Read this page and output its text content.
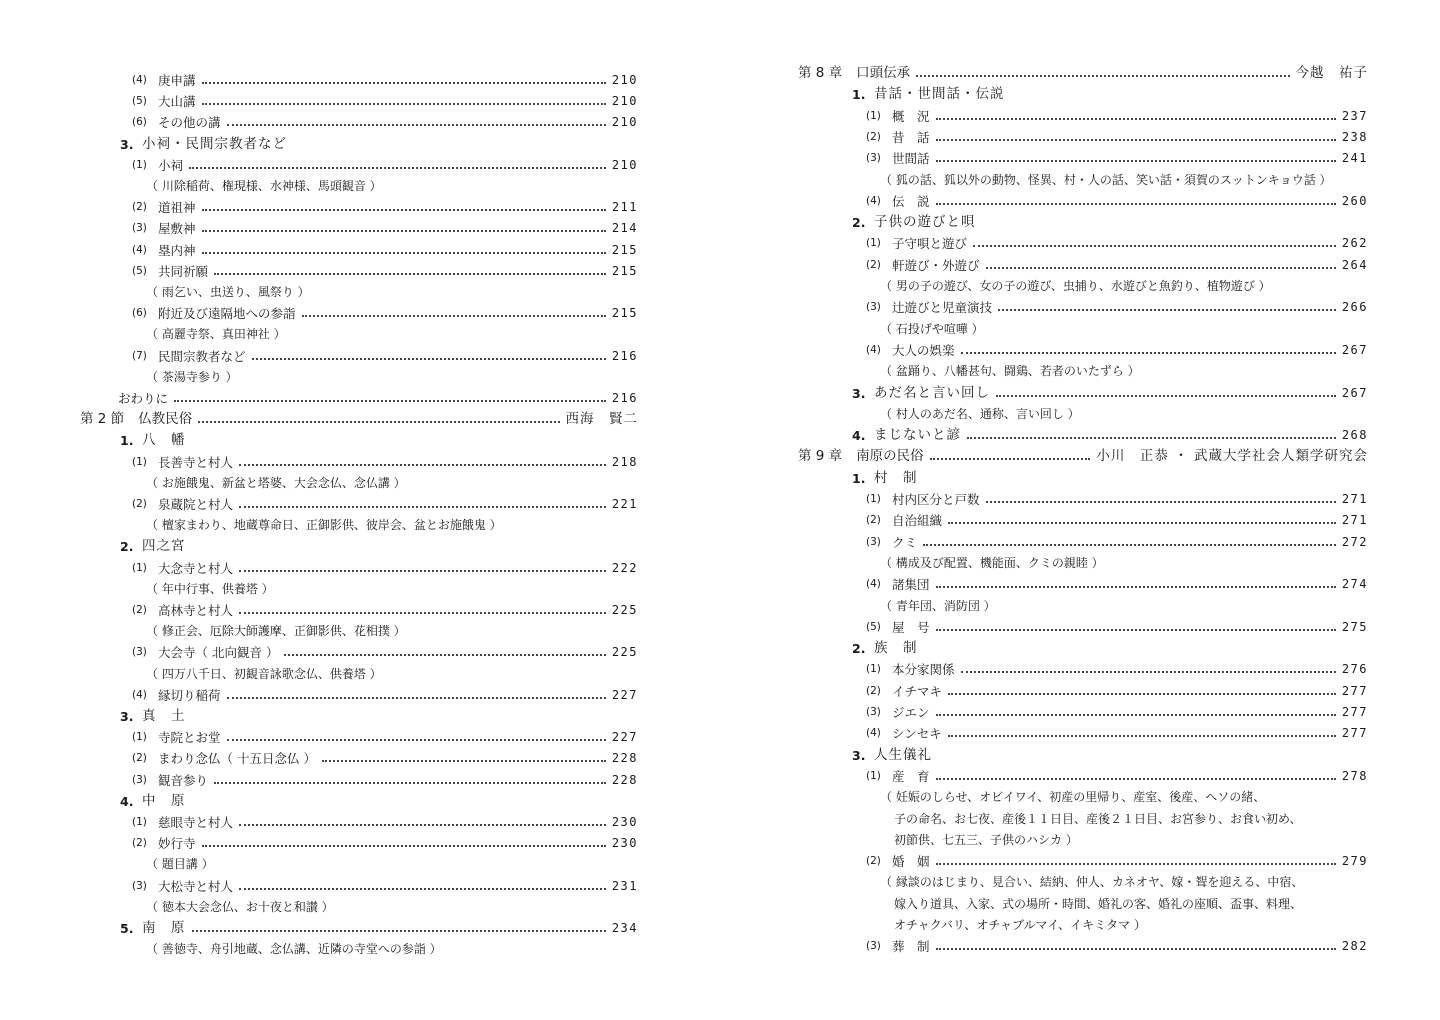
(4) 庚申講	210
(5) 大山講	210
(6) その他の講	210
3. 小祠・民間宗教者など
(1) 小祠	210
（ 川除稲荷、権現様、水神様、馬頭観音 ）
(2) 道祖神	211
(3) 屋敷神	214
(4) 塁内神	215
(5) 共同祈願	215
（ 雨乞い、虫送り、風祭り ）
(6) 附近及び遠隔地への参詣	215
（ 高麗寺祭、真田神社 ）
(7) 民間宗教者など	216
（ 茶湯寺参り ）
おわりに	216
第 2 節 仏教民俗	西海　賢二
1. 八　幡
(1) 長善寺と村人	218
（ お施餓鬼、新盆と塔婆、大会念仏、念仏講 ）
(2) 泉蔵院と村人	221
（ 檀家まわり、地蔵尊命日、正御影供、彼岸会、盆とお施餓鬼 ）
2. 四之宮
(1) 大念寺と村人	222
（ 年中行事、供養塔 ）
(2) 高林寺と村人	225
（ 修正会、厄除大師護摩、正御影供、花相撲 ）
(3) 大会寺（ 北向観音 ）	225
（ 四万八千日、初観音詠歌念仏、供養塔 ）
(4) 縁切り稲荷	227
3. 真　土
(1) 寺院とお堂	227
(2) まわり念仏（ 十五日念仏 ）	228
(3) 観音参り	228
4. 中　原
(1) 慈眼寺と村人	230
(2) 妙行寺	230
（ 題目講 ）
(3) 大松寺と村人	231
（ 徳本大会念仏、お十夜と和讃 ）
5. 南　原	234
（ 善徳寺、舟引地蔵、念仏講、近隣の寺堂への参詣 ）
第 8 章 口頭伝承	今越　祐子
1. 昔話・世間話・伝説
(1) 概　況	237
(2) 昔　話	238
(3) 世間話	241
（ 狐の話、狐以外の動物、怪異、村・人の話、笑い話・須賀のスットンキョウ話 ）
(4) 伝　説	260
2. 子供の遊びと唄
(1) 子守唄と遊び	262
(2) 軒遊び・外遊び	264
（ 男の子の遊び、女の子の遊び、虫捕り、水遊びと魚釣り、植物遊び ）
(3) 辻遊びと児童演技	266
（ 石投げや喧嘩 ）
(4) 大人の娯楽	267
（ 盆踊り、八幡甚句、闘鶏、若者のいたずら ）
3. あだ名と言い回し	267
（ 村人のあだ名、通称、言い回し ）
4. まじないと諺	268
第 9 章 南原の民俗	小川　正恭 ・ 武蔵大学社会人類学研究会
1. 村　制
(1) 村内区分と戸数	271
(2) 自治組織	271
(3) クミ	272
（ 構成及び配置、機能面、クミの親睦 ）
(4) 諸集団	274
（ 青年団、消防団 ）
(5) 屋　号	275
2. 族　制
(1) 本分家関係	276
(2) イチマキ	277
(3) ジエン	277
(4) シンセキ	277
3. 人生儀礼
(1) 産　育	278
（ 妊娠のしらせ、オビイワイ、初産の里帰り、産室、後産、ヘソの緒、
子の命名、お七夜、産後１１日目、産後２１日目、お宮参り、お食い初め、
初節供、七五三、子供のハシカ ）
(2) 婚　姻	279
（ 縁談のはじまり、見合い、結納、仲人、カネオヤ、嫁・聟を迎える、中宿、
嫁入り道具、入家、式の場所・時間、婚礼の客、婚礼の座順、盃事、料理、
オチャクバリ、オチャブルマイ、イキミタマ ）
(3) 葬　制	282
